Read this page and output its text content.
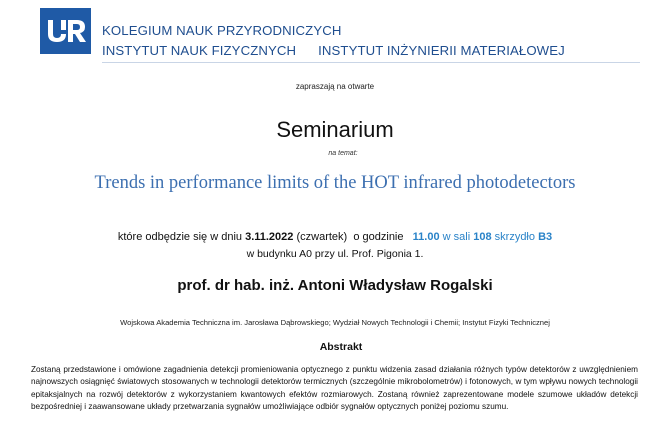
KOLEGIUM NAUK PRZYRODNICZYCH
INSTYTUT NAUK FIZYCZNYCH INSTYTUT INŻYNIERII MATERIAŁOWEJ
zapraszają na otwarte
Seminarium
na temat:
Trends in performance limits of the HOT infrared photodetectors
które odbędzie się w dniu 3.11.2022 (czwartek) o godzinie 11.00 w sali 108 skrzydło B3
w budynku A0 przy ul. Prof. Pigonia 1.
prof. dr hab. inż. Antoni Władysław Rogalski
Wojskowa Akademia Techniczna im. Jarosława Dąbrowskiego; Wydział Nowych Technologii i Chemii; Instytut Fizyki Technicznej
Abstrakt
Zostaną przedstawione i omówione zagadnienia detekcji promieniowania optycznego z punktu widzenia zasad działania różnych typów detektorów z uwzględnieniem najnowszych osiągnięć światowych stosowanych w technologii detektorów termicznych (szczególnie mikrobolometrów) i fotonowych, w tym wpływu nowych technologii epitaksjalnych na rozwój detektorów z wykorzystaniem kwantowych efektów rozmiarowych. Zostaną również zaprezentowane modele szumowe układów detekcji bezpośredniej i zaawansowane układy przetwarzania sygnałów umożliwiające odbiór sygnałów optycznych poniżej poziomu szumu.
